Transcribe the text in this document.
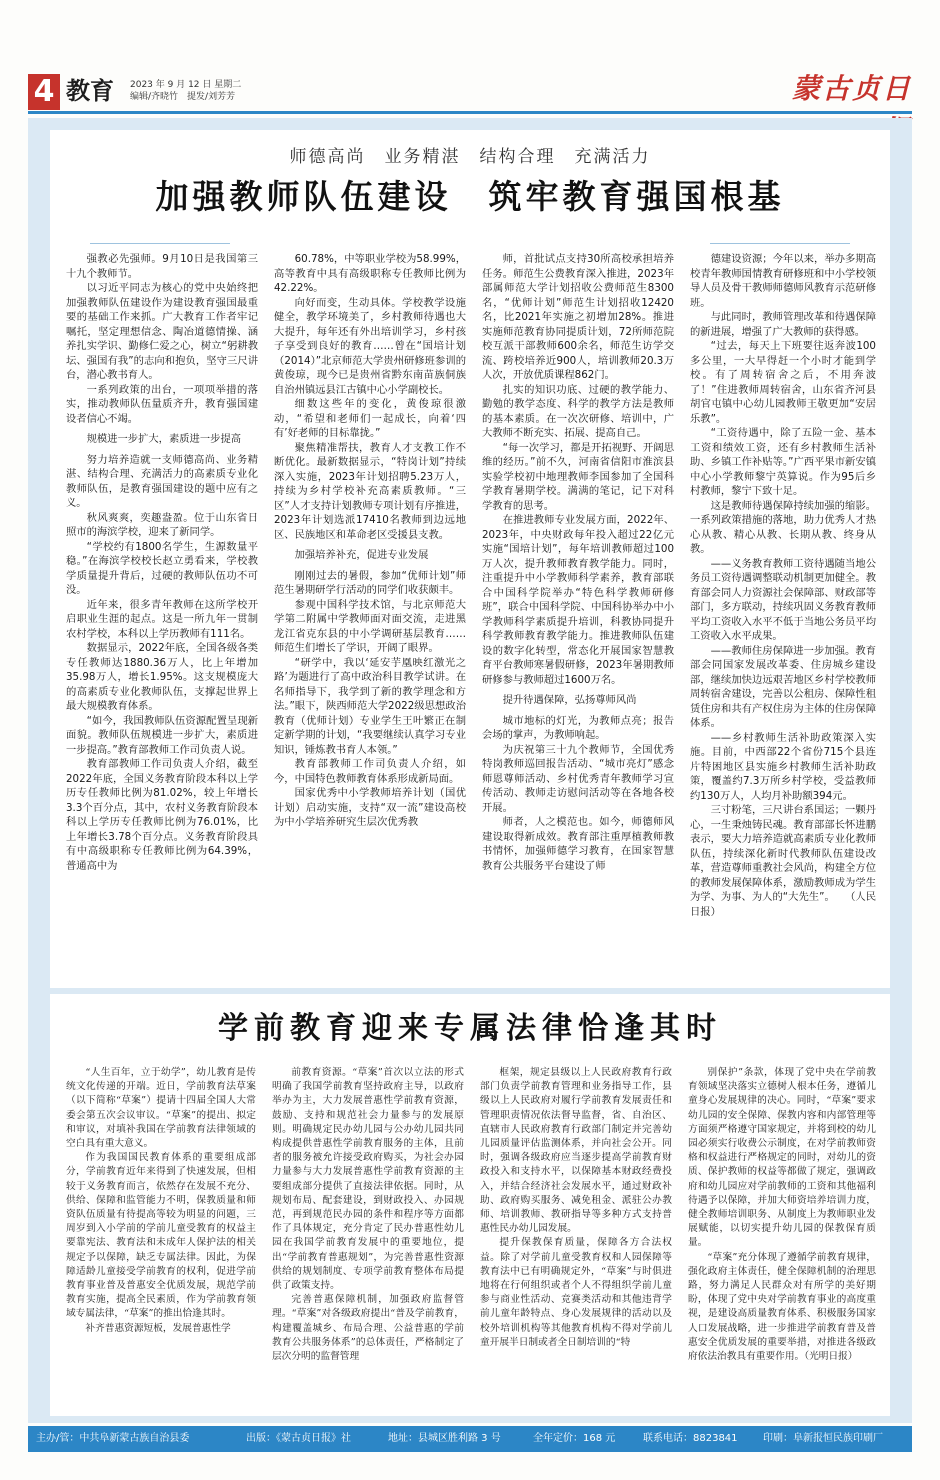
4 教育 2023 年 9 月 12 日 星期二
编辑/齐晓竹　提发/刘芳芳	蒙古贞日
师德高尚　业务精湛　结构合理　充满活力
加强教师队伍建设　筑牢教育强国根基

强教必先强师。9月10日是我国第三十九个教师节。

以习近平同志为核心的党中央始终把加强教师队伍建设作为建设教育强国最重要的基础工作来抓。广大教育工作者牢记嘱托，坚定理想信念、陶冶道德情操、涵养扎实学识、勤修仁爱之心，树立“躬耕教坛、强国有我”的志向和抱负，坚守三尺讲台，潜心教书育人。

一系列政策的出台，一项项举措的落实，推动教师队伍量质齐升，教育强国建设者信心不竭。

规模进一步扩大，素质进一步提高

努力培养造就一支师德高尚、业务精湛、结构合理、充满活力的高素质专业化教师队伍，是教育强国建设的题中应有之义。

秋风爽爽，奕趣盎盈。位于山东省日照市的海滨学校，迎来了新同学。

“学校约有1800名学生，生源数量平稳。”在海滨学校校长赵立勇看来，学校教学质量提升背后，过硬的教师队伍功不可没。

近年来，很多青年教师在这所学校开启职业生涯的起点。这是一所九年一贯制农村学校，本科以上学历教师有111名。

数据显示，2022年底，全国各级各类专任教师达1880.36万人，比上年增加35.98万人，增长1.95%。这支规模庞大的高素质专业化教师队伍，支撑起世界上最大规模教育体系。

“如今，我国教师队伍资源配置呈现新面貌。教师队伍规模进一步扩大，素质进一步提高。”教育部教师工作司负责人说。

教育部教师工作司负责人介绍，截至2022年底，全国义务教育阶段本科以上学历专任教师比例为81.02%，较上年增长3.3个百分点，其中，农村义务教育阶段本科以上学历专任教师比例为76.01%，比上年增长3.78个百分点。义务教育阶段具有中高级职称专任教师比例为64.39%，普通高中为

60.78%，中等职业学校为58.99%，高等教育中具有高级职称专任教师比例为42.22%。

向好而变，生动具体。学校教学设施健全，教学环境美了，乡村教师待遇也大大提升，每年还有外出培训学习，乡村孩子享受到良好的教育……曾在“国培计划（2014）”北京师范大学贵州研修班参训的黄俊琼，现今已是贵州省黔东南苗族侗族自治州镇远县江古镇中心小学副校长。

细数这些年的变化，黄俊琼很激动，“希望和老师们一起成长，向着‘四有’好老师的目标靠拢。”

聚焦精准帮扶，教育人才支教工作不断优化。最新数据显示，“特岗计划”持续深入实施，2023年计划招聘5.23万人，持续为乡村学校补充高素质教师。“三区”人才支持计划教师专项计划有序推进，2023年计划选派17410名教师到边远地区、民族地区和革命老区受援县支教。

加强培养补充，促进专业发展

刚刚过去的暑假，参加“优师计划”师范生暑期研学行活动的同学们收获颇丰。

参观中国科学技术馆，与北京师范大学第二附属中学教师面对面交流，走进黑龙江省克东县的中小学调研基层教育……师范生们增长了学识，开阔了眼界。

“研学中，我以‘延安芋凰映红激光之路’为题进行了高中政治科目教学试讲。在名师指导下，我学到了新的教学理念和方法。”眼下，陕西师范大学2022级思想政治教育（优师计划）专业学生王叶繁正在制定新学期的计划，“我要继续认真学习专业知识，锤炼教书育人本领。”

教育部教师工作司负责人介绍，如今，中国特色教师教育体系形成新局面。

国家优秀中小学教师培养计划（国优计划）启动实施，支持“双一流”建设高校为中小学培养研究生层次优秀教

师，首批试点支持30所高校承担培养任务。师范生公费教育深入推进，2023年部属师范大学计划招收公费师范生8300名，“优师计划”师范生计划招收12420名，比2021年实施之初增加28%。推进实施师范教育协同提质计划，72所师范院校互派干部教师600余名，师范生访学交流、跨校培养近900人，培训教师20.3万人次，开放优质课程862门。

扎实的知识功底、过硬的教学能力、勤勉的教学态度、科学的教学方法是教师的基本素质。在一次次研修、培训中，广大教师不断充实、拓展、提高自己。

“每一次学习，都是开拓视野、开阔思维的经历。”前不久，河南省信阳市淮滨县实验学校初中地理教师李国参加了全国科学教育暑期学校。满满的笔记，记下对科学教育的思考。

在推进教师专业发展方面，2022年、2023年，中央财政每年投入超过22亿元实施“国培计划”，每年培训教师超过100万人次，提升教师教育教学能力。同时，注重提升中小学教师科学素养，教育部联合中国科学院举办“特色科学教师研修班”，联合中国科学院、中国科协举办中小学教师科学素质提升培训，科教协同提升科学教师教育教学能力。推进教师队伍建设的数字化转型，常态化开展国家智慧教育平台教师寒暑假研修，2023年暑期教师研修参与教师超过1600万名。

提升待遇保障，弘扬尊师风尚

城市地标的灯光，为教师点亮；报告会场的掌声，为教师响起。

为庆祝第三十九个教师节，全国优秀特岗教师巡回报告活动、“城市亮灯”感念师恩尊师活动、乡村优秀青年教师学习宣传活动、教师走访慰问活动等在各地各校开展。

师者，人之模范也。如今，师德师风建设取得新成效。教育部注重厚植教师教书情怀，加强师德学习教育，在国家智慧教育公共服务平台建设了师

德建设资源；今年以来，举办多期高校青年教师国情教育研修班和中小学校领导人员及骨干教师师德师风教育示范研修班。

与此同时，教师管理改革和待遇保障的新进展，增强了广大教师的获得感。

“过去，每天上下班要往返奔波100多公里，一大早得赶一个小时才能到学校。有了周转宿舍之后，不用奔波了！”住进教师周转宿舍，山东省齐河县胡官屯镇中心幼儿园教师王敬更加“安居乐教”。

“工资待遇中，除了五险一金、基本工资和绩效工资，还有乡村教师生活补助、乡镇工作补贴等。”广西平果市新安镇中心小学教师黎宁英算说。作为95后乡村教师，黎宁下致十足。

这是教师待遇保障持续加强的缩影。一系列政策措施的落地，助力优秀人才热心从教、精心从教、长期从教、终身从教。

——义务教育教师工资待遇随当地公务员工资待遇调整联动机制更加健全。教育部会同人力资源社会保障部、财政部等部门，多方联动，持续巩固义务教育教师平均工资收入水平不低于当地公务员平均工资收入水平成果。

——教师住房保障进一步加强。教育部会同国家发展改革委、住房城乡建设部，继续加快边远艰苦地区乡村学校教师周转宿舍建设，完善以公租房、保障性租赁住房和共有产权住房为主体的住房保障体系。

——乡村教师生活补助政策深入实施。目前，中西部22个省份715个县连片特困地区县实施乡村教师生活补助政策，覆盖约7.3万所乡村学校，受益教师约130万人，人均月补助额394元。

三寸粉笔，三尺讲台系国运；一颗丹心，一生秉烛铸民魂。教育部部长怀进鹏表示，要大力培养造就高素质专业化教师队伍，持续深化新时代教师队伍建设改革，营造尊师重教社会风尚，构建全方位的教师发展保障体系，激励教师成为学生为学、为事、为人的“大先生”。　　（人民日报）

学前教育迎来专属法律恰逢其时

“人生百年，立于幼学”，幼儿教育是传统文化传递的开端。近日，学前教育法草案（以下简称“草案”）提请十四届全国人大常委会第五次会议审议。“草案”的提出、拟定和审议，对填补我国在学前教育法律领域的空白具有重大意义。

作为我国国民教育体系的重要组成部分，学前教育近年来得到了快速发展，但相较于义务教育而言，依然存在发展不充分、供给、保障和监管能力不明，保教质量和师资队伍质量有待提高等较为明显的问题，三周岁到入小学前的学前儿童受教育的权益主要靠宪法、教育法和未成年人保护法的相关规定予以保障，缺乏专属法律。因此，为保障适龄儿童接受学前教育的权利，促进学前教育事业普及普惠安全优质发展，规范学前教育实施，提高全民素质，作为学前教育领域专属法律，“草案”的推出恰逢其时。

补齐普惠资源短板，发展普惠性学

前教育资源。“草案”首次以立法的形式明确了我国学前教育坚持政府主导，以政府举办为主，大力发展普惠性学前教育资源，鼓励、支持和规范社会力量参与的发展原则。明确规定民办幼儿园与公办幼儿园共同构成提供普惠性学前教育服务的主体，且前者的服务被允许接受政府购买，为社会办园力量参与大力发展普惠性学前教育资源的主要组成部分提供了直接法律依据。同时，从规划布局、配套建设，到财政投入、办园规范，再到规范民办园的条件和程序等方面都作了具体规定，充分肯定了民办普惠性幼儿园在我国学前教育发展中的重要地位，提出“学前教育普惠规划”，为完善普惠性资源供给的规划制度、专项学前教育整体布局提供了政策支持。

完善普惠保障机制，加强政府监督管理。“草案”对各级政府提出“普及学前教育，构建覆盖城乡、布局合理、公益普惠的学前教育公共服务体系”的总体责任，严格制定了层次分明的监督管理

框架，规定县级以上人民政府教育行政部门负责学前教育管理和业务指导工作，县级以上人民政府对履行学前教育发展责任和管理职责情况依法督导监督，省、自治区、直辖市人民政府教育行政部门制定并完善幼儿园质量评估监测体系，并向社会公开。同时，强调各级政府应当逐步提高学前教育财政投入和支持水平，以保障基本财政经费投入，并结合经济社会发展水平，通过财政补助、政府购买服务、减免租金、派驻公办教师、培训教师、教研指导等多种方式支持普惠性民办幼儿园发展。

提升保教保育质量，保障各方合法权益。除了对学前儿童受教育权和人园保障等教育法中已有明确规定外，“草案”与时俱进地将在行何组织或者个人不得组织学前儿童参与商业性活动、竞赛类活动和其他违背学前儿童年龄特点、身心发展规律的活动以及校外培训机构等其他教育机构不得对学前儿童开展半日制或者全日制培训的“特

别保护”条款，体现了党中央在学前教育领域坚决落实立德树人根本任务，遵循儿童身心发展规律的决心。同时，“草案”要求幼儿园的安全保障、保教内容和内部管理等方面须严格遵守国家规定，并将到校的幼儿园必须实行收费公示制度，在对学前教师资格和权益进行严格规定的同时，对幼儿的资质、保护教师的权益等都做了规定，强调政府和幼儿园应对学前教师的工资和其他福利待遇予以保障，并加大师资培养培训力度，健全教师培训职务、从制度上为教师职业发展赋能，以切实提升幼儿园的保教保育质量。

“草案”充分体现了遵循学前教育规律，强化政府主体责任，健全保障机制的治理思路，努力满足人民群众对有所学的美好期盼，体现了党中央对学前教育事业的高度重视，是建设高质量教育体系、积极服务国家人口发展战略，进一步推进学前教育普及普惠安全优质发展的重要举措，对推进各级政府依法治教具有重要作用。（光明日报）

主办/管：中共阜新蒙古族自治县委	出版：《蒙古贞日报》社	地址：县城区胜利路 3 号	全年定价：168 元	联系电话：8823841	印刷：阜新报恒民族印刷厂
